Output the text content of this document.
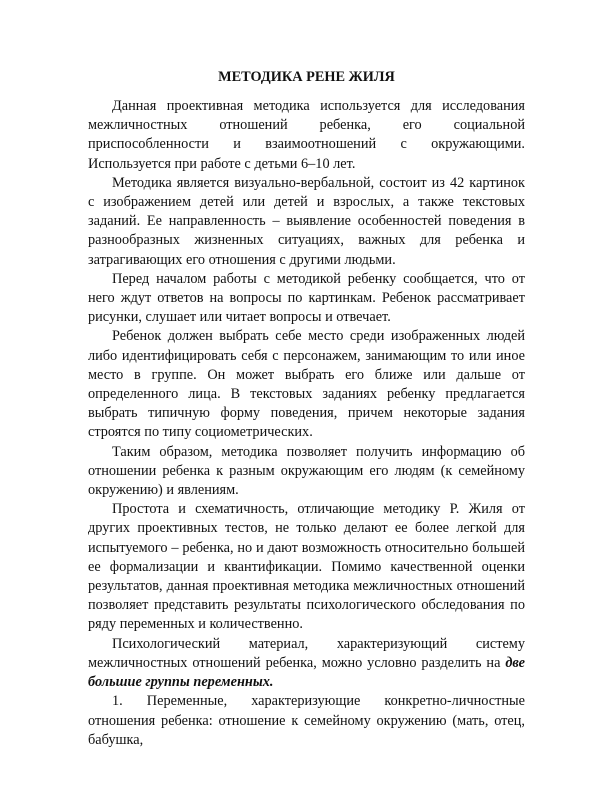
МЕТОДИКА РЕНЕ ЖИЛЯ

Данная проективная методика используется для исследования межличностных отношений ребенка, его социальной приспособленности и взаимоотношений с окружающими. Используется при работе с детьми 6–10 лет.

Методика является визуально-вербальной, состоит из 42 картинок с изображением детей или детей и взрослых, а также текстовых заданий. Ее направленность – выявление особенностей поведения в разнообразных жизненных ситуациях, важных для ребенка и затрагивающих его отношения с другими людьми.

Перед началом работы с методикой ребенку сообщается, что от него ждут ответов на вопросы по картинкам. Ребенок рассматривает рисунки, слушает или читает вопросы и отвечает.

Ребенок должен выбрать себе место среди изображенных людей либо идентифицировать себя с персонажем, занимающим то или иное место в группе. Он может выбрать его ближе или дальше от определенного лица. В текстовых заданиях ребенку предлагается выбрать типичную форму поведения, причем некоторые задания строятся по типу социометрических.

Таким образом, методика позволяет получить информацию об отношении ребенка к разным окружающим его людям (к семейному окружению) и явлениям.

Простота и схематичность, отличающие методику Р. Жиля от других проективных тестов, не только делают ее более легкой для испытуемого – ребенка, но и дают возможность относительно большей ее формализации и квантификации. Помимо качественной оценки результатов, данная проективная методика межличностных отношений позволяет представить результаты психологического обследования по ряду переменных и количественно.

Психологический материал, характеризующий систему межличностных отношений ребенка, можно условно разделить на две большие группы переменных.

1. Переменные, характеризующие конкретно-личностные отношения ребенка: отношение к семейному окружению (мать, отец, бабушка,
